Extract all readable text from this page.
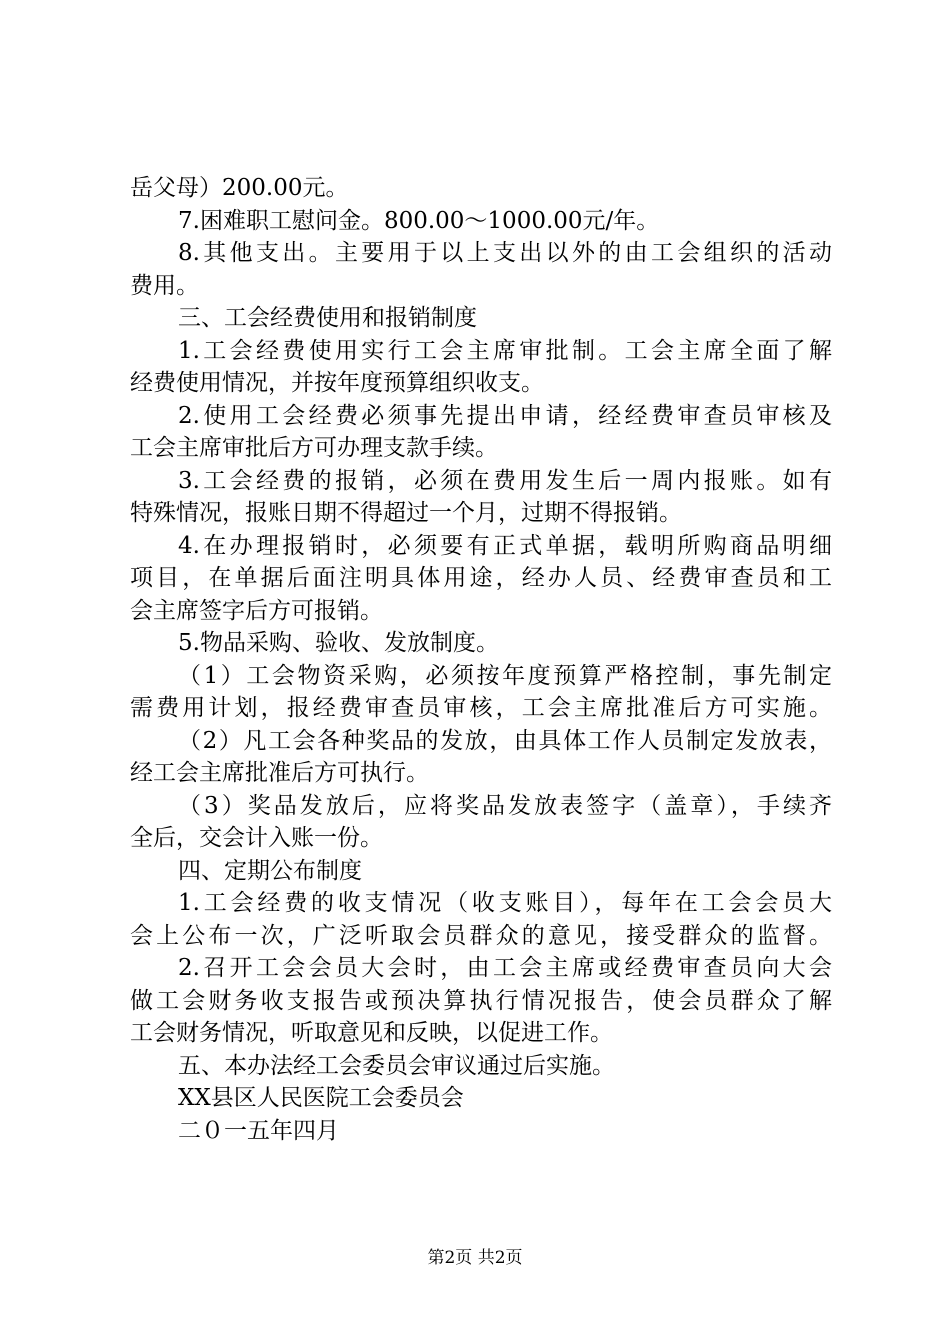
岳父母）200.00元。
7.困难职工慰问金。800.00～1000.00元/年。
8.其他支出。主要用于以上支出以外的由工会组织的活动
费用。
三、工会经费使用和报销制度
1.工会经费使用实行工会主席审批制。工会主席全面了解
经费使用情况，并按年度预算组织收支。
2.使用工会经费必须事先提出申请，经经费审查员审核及
工会主席审批后方可办理支款手续。
3.工会经费的报销，必须在费用发生后一周内报账。如有
特殊情况，报账日期不得超过一个月，过期不得报销。
4.在办理报销时，必须要有正式单据，载明所购商品明细
项目，在单据后面注明具体用途，经办人员、经费审查员和工
会主席签字后方可报销。
5.物品采购、验收、发放制度。
（1）工会物资采购，必须按年度预算严格控制，事先制定
需费用计划，报经费审查员审核，工会主席批准后方可实施。
（2）凡工会各种奖品的发放，由具体工作人员制定发放表，
经工会主席批准后方可执行。
（3）奖品发放后，应将奖品发放表签字（盖章），手续齐
全后，交会计入账一份。
四、定期公布制度
1.工会经费的收支情况（收支账目），每年在工会会员大
会上公布一次，广泛听取会员群众的意见，接受群众的监督。
2.召开工会会员大会时，由工会主席或经费审查员向大会
做工会财务收支报告或预决算执行情况报告，使会员群众了解
工会财务情况，听取意见和反映，以促进工作。
五、本办法经工会委员会审议通过后实施。
XX县区人民医院工会委员会
二０一五年四月
第2页 共2页
